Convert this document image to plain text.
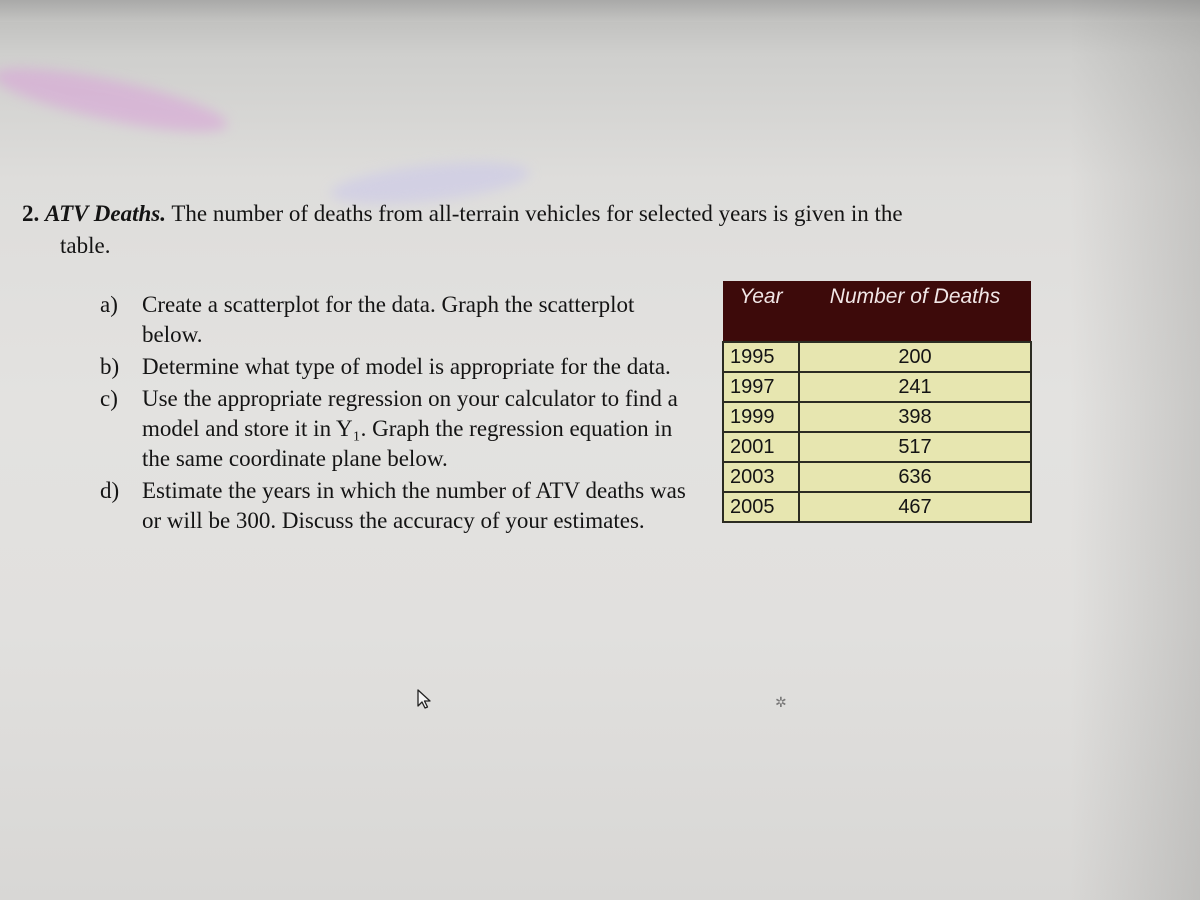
2. ATV Deaths. The number of deaths from all-terrain vehicles for selected years is given in the
table.
a)	Create a scatterplot for the data. Graph the scatterplot below.
b) Determine what type of model is appropriate for the data.
c)	Use the appropriate regression on your calculator to find a model and store it in Y₁. Graph the regression equation in the same coordinate plane below.
d) Estimate the years in which the number of ATV deaths was or will be 300. Discuss the accuracy of your estimates.
Year	Number of Deaths
1995	200
1997	241
1999	398
2001	517
2003	636
2005	467
✲
